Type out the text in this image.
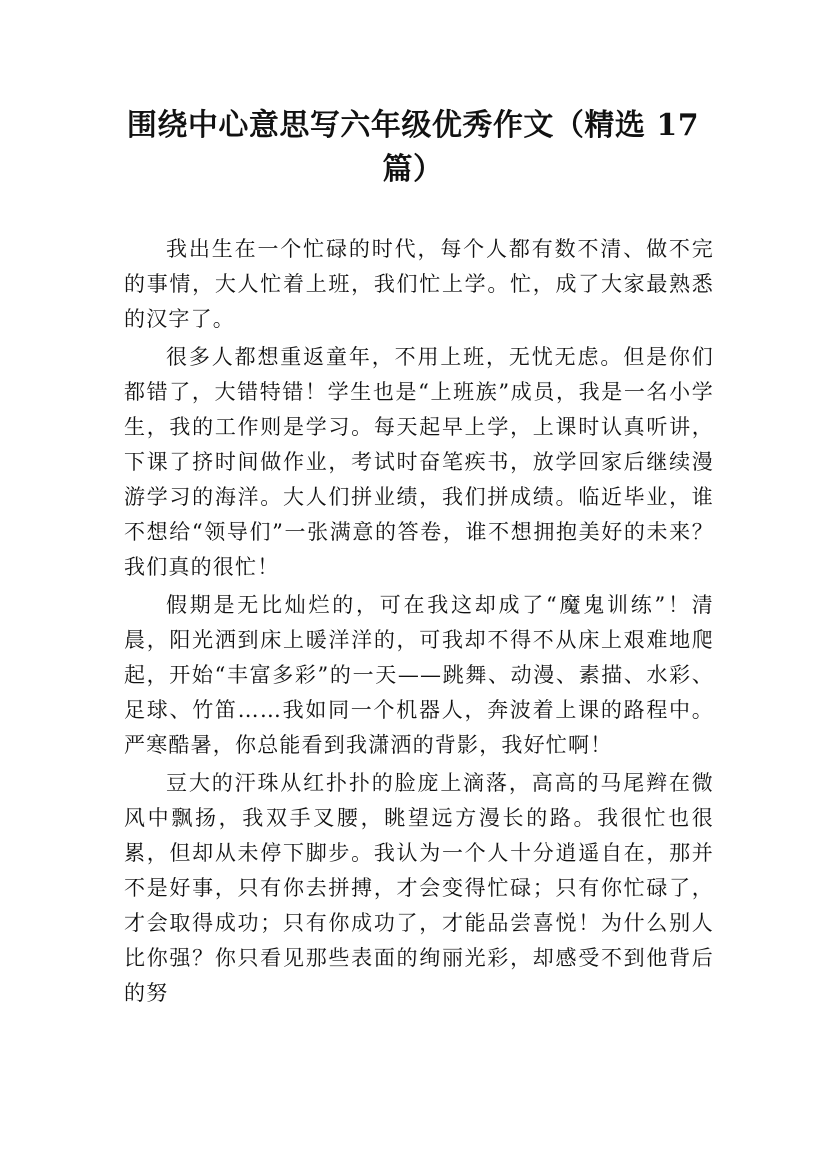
围绕中心意思写六年级优秀作文（精选 17 篇）

我出生在一个忙碌的时代，每个人都有数不清、做不完的事情，大人忙着上班，我们忙上学。忙，成了大家最熟悉的汉字了。

很多人都想重返童年，不用上班，无忧无虑。但是你们都错了，大错特错！学生也是“上班族”成员，我是一名小学生，我的工作则是学习。每天起早上学，上课时认真听讲，下课了挤时间做作业，考试时奋笔疾书，放学回家后继续漫游学习的海洋。大人们拼业绩，我们拼成绩。临近毕业，谁不想给“领导们”一张满意的答卷，谁不想拥抱美好的未来？我们真的很忙！

假期是无比灿烂的，可在我这却成了“魔鬼训练”！清晨，阳光洒到床上暖洋洋的，可我却不得不从床上艰难地爬起，开始“丰富多彩”的一天——跳舞、动漫、素描、水彩、足球、竹笛……我如同一个机器人，奔波着上课的路程中。严寒酷暑，你总能看到我潇洒的背影，我好忙啊！

豆大的汗珠从红扑扑的脸庞上滴落，高高的马尾辫在微风中飘扬，我双手叉腰，眺望远方漫长的路。我很忙也很累，但却从未停下脚步。我认为一个人十分逍遥自在，那并不是好事，只有你去拼搏，才会变得忙碌；只有你忙碌了，才会取得成功；只有你成功了，才能品尝喜悦！为什么别人比你强？你只看见那些表面的绚丽光彩，却感受不到他背后的努
